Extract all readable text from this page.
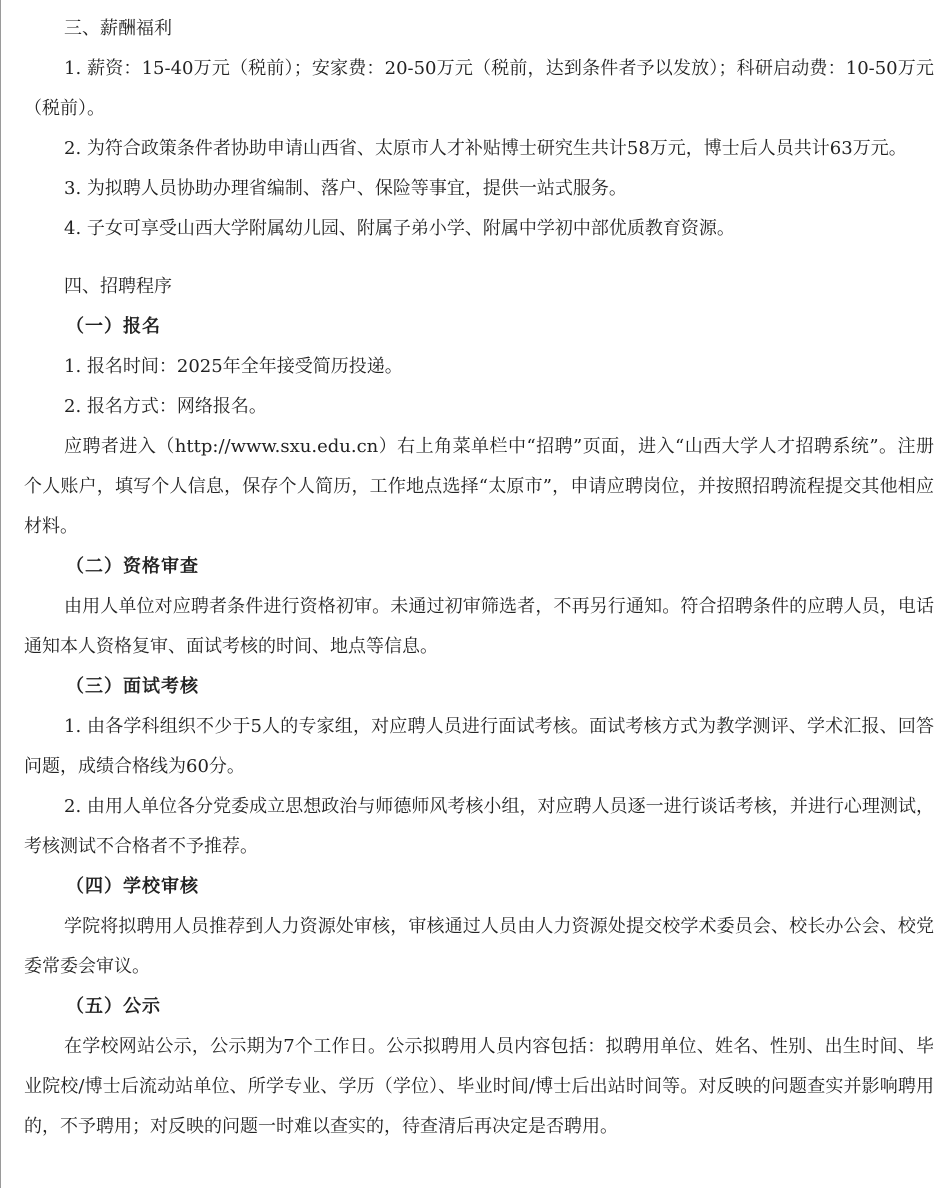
三、薪酬福利

1. 薪资：15-40万元（税前）；安家费：20-50万元（税前，达到条件者予以发放）；科研启动费：10-50万元（税前）。

2. 为符合政策条件者协助申请山西省、太原市人才补贴博士研究生共计58万元，博士后人员共计63万元。

3. 为拟聘人员协助办理省编制、落户、保险等事宜，提供一站式服务。

4. 子女可享受山西大学附属幼儿园、附属子弟小学、附属中学初中部优质教育资源。

四、招聘程序

（一）报名

1. 报名时间：2025年全年接受简历投递。

2. 报名方式：网络报名。

应聘者进入（http://www.sxu.edu.cn）右上角菜单栏中“招聘”页面，进入“山西大学人才招聘系统”。注册个人账户，填写个人信息，保存个人简历，工作地点选择“太原市”，申请应聘岗位，并按照招聘流程提交其他相应材料。

（二）资格审查

由用人单位对应聘者条件进行资格初审。未通过初审筛选者，不再另行通知。符合招聘条件的应聘人员，电话通知本人资格复审、面试考核的时间、地点等信息。

（三）面试考核

1. 由各学科组织不少于5人的专家组，对应聘人员进行面试考核。面试考核方式为教学测评、学术汇报、回答问题，成绩合格线为60分。

2. 由用人单位各分党委成立思想政治与师德师风考核小组，对应聘人员逐一进行谈话考核，并进行心理测试，考核测试不合格者不予推荐。

（四）学校审核

学院将拟聘用人员推荐到人力资源处审核，审核通过人员由人力资源处提交校学术委员会、校长办公会、校党委常委会审议。

（五）公示

在学校网站公示，公示期为7个工作日。公示拟聘用人员内容包括：拟聘用单位、姓名、性别、出生时间、毕业院校/博士后流动站单位、所学专业、学历（学位）、毕业时间/博士后出站时间等。对反映的问题查实并影响聘用的，不予聘用；对反映的问题一时难以查实的，待查清后再决定是否聘用。
